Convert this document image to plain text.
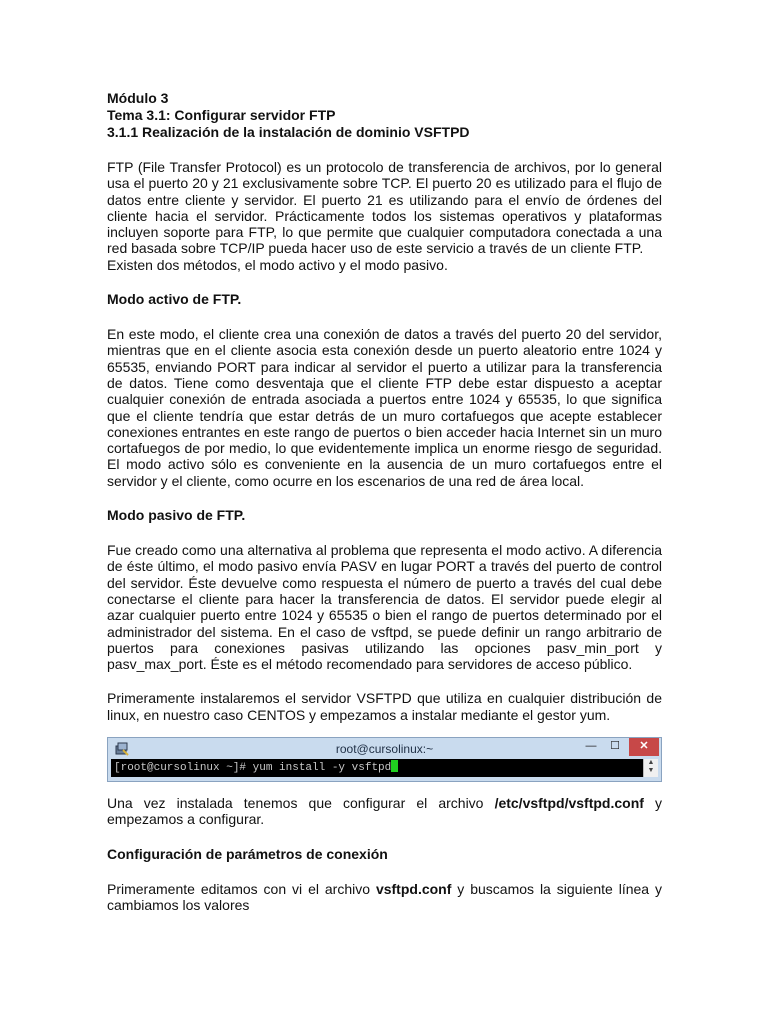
Módulo 3
Tema 3.1: Configurar servidor FTP
3.1.1 Realización de la instalación de dominio VSFTPD

FTP (File Transfer Protocol) es un protocolo de transferencia de archivos, por lo general usa el puerto 20 y 21 exclusivamente sobre TCP. El puerto 20 es utilizado para el flujo de datos entre cliente y servidor. El puerto 21 es utilizando para el envío de órdenes del cliente hacia el servidor. Prácticamente todos los sistemas operativos y plataformas incluyen soporte para FTP, lo que permite que cualquier computadora conectada a una red basada sobre TCP/IP pueda hacer uso de este servicio a través de un cliente FTP.

Existen dos métodos, el modo activo y el modo pasivo.

Modo activo de FTP.

En este modo, el cliente crea una conexión de datos a través del puerto 20 del servidor, mientras que en el cliente asocia esta conexión desde un puerto aleatorio entre 1024 y 65535, enviando PORT para indicar al servidor el puerto a utilizar para la transferencia de datos. Tiene como desventaja que el cliente FTP debe estar dispuesto a aceptar cualquier conexión de entrada asociada a puertos entre 1024 y 65535, lo que significa que el cliente tendría que estar detrás de un muro cortafuegos que acepte establecer conexiones entrantes en este rango de puertos o bien acceder hacia Internet sin un muro cortafuegos de por medio, lo que evidentemente implica un enorme riesgo de seguridad. El modo activo sólo es conveniente en la ausencia de un muro cortafuegos entre el servidor y el cliente, como ocurre en los escenarios de una red de área local.

Modo pasivo de FTP.

Fue creado como una alternativa al problema que representa el modo activo. A diferencia de éste último, el modo pasivo envía PASV en lugar PORT a través del puerto de control del servidor. Éste devuelve como respuesta el número de puerto a través del cual debe conectarse el cliente para hacer la transferencia de datos. El servidor puede elegir al azar cualquier puerto entre 1024 y 65535 o bien el rango de puertos determinado por el administrador del sistema. En el caso de vsftpd, se puede definir un rango arbitrario de puertos para conexiones pasivas utilizando las opciones pasv_min_port y pasv_max_port. Éste es el método recomendado para servidores de acceso público.

Primeramente instalaremos el servidor VSFTPD que utiliza en cualquier distribución de linux, en nuestro caso CENTOS y empezamos a instalar mediante el gestor yum.

root@cursolinux:~	—	☐	✕
[root@cursolinux ~]# yum install -y vsftpd	▲
▼

Una vez instalada tenemos que configurar el archivo /etc/vsftpd/vsftpd.conf y empezamos a configurar.

Configuración de parámetros de conexión

Primeramente editamos con vi el archivo vsftpd.conf y buscamos la siguiente línea y cambiamos los valores
